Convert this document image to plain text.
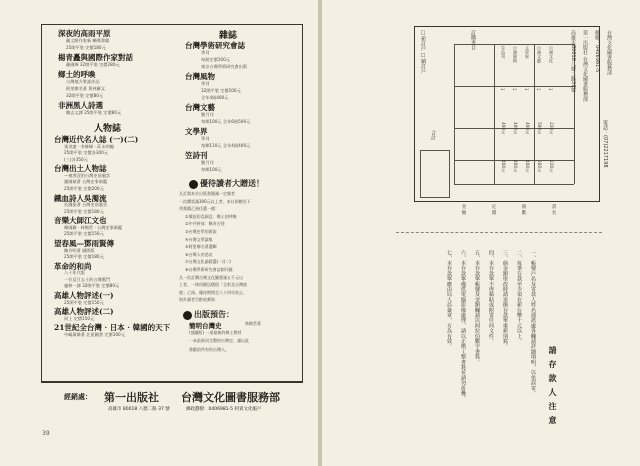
深夜的高雨平原
戴文勝作家新 輔導書籍
25開平裝 定價180元
楊青矗與國際作家對話
戴國煇 32開平裝 定價280元
鄉土的呼喚
台灣地方歌謠作品
阿里鄉名著 黃林羅文
32開平裝 定價80元
非洲黑人詩選
陳志文譯 25開平裝 定價80元
人物誌
台灣近代名人誌 (一)(二)
張炎憲 · 李筱峰 · 莊永明編
25開平裝 定價各300元
(三)各350元
台灣出土人物誌
—被埋沒的台灣史前風雲
謝國斌著 台灣史事新鑑
25開平裝 定價200元
鐵血詩人吳濁流
吳濁流著 台灣史前風雲
25開平裝 定價180元
音樂大師江文也
韓國鐄 · 林衡哲 · 台灣史事新鑑
25開平裝 定價150元
望春風—鄧雨賢傳
陳芳明著 國際版
25開平裝 定價180元
革命的和尚
八十年代版
一位反日志士的台灣奮鬥
盧修一譯 32開平裝 定價80元
高雄人物評述(一)
25開平裝 定價150元
高雄人物評述(二)
同上 定價150元
21世紀全台灣 · 日本 · 韓國的天下
中嶋嶺雄著 北星圖書 定價100元
雜誌
台灣學術研究會誌
季刊
每冊定價100元
東京台灣學術研究會出版
台灣風物
季刊
32開平裝 定價100元
全年4冊400元
台灣文藝
雙月刊
每期100元 全年6冊500元
文學界
季刊
每期110元 全年4冊400元
笠詩刊
雙月刊
每期100元
優待讀者大贈送！
凡訂閱本社出版書籍滿一定額者
一次購買滿300元以上者，本社即贈送下
列書籍乙冊任選一種：
①憤怒的亞細亞：鄉土的呼喚
②中共幹部：稀奇古怪
③台灣史學的源流
④台灣文學論集
⑤阿里鄉名著選輯
⑥台灣人的悲哀
⑦台灣文化論精選(一)(二)
⑧台灣學術研究會誌創刊號
凡一次訂購台灣文化圖書滿五千元以
上者，一律再贈送價值「全彩北台灣旅
遊」乙冊。優待期間至八十四年底止，
海外讀者另酌收郵資
出版預告：
簡明台灣史	林衡哲著
(插圖版) 一部最新的鄉土教材
一本最新而完整的台灣史，謹以此
書獻給所有的台灣人。
經銷處： 第一出版社 台灣文化圖書服務部
高雄市 80018 八德二路 37 號	郵政劃撥：0406981-5 阿貴文化帳戶
39
台灣文化圖書服務部
郵撥：0406981-5
第一出版社 台灣文化圖書服務部
高雄市80018八德二路37號
訂購書目
合計
□新訂戶 □續訂戶
電話：(07)2217198
書 名
冊 數
定 價
金 額
台灣文化
1
220元
220元
台灣文藝
1
500元
500元
文學界
1
400元
400元
台灣風物
1
400元
400元
笠詩刊
1
400元
400元
請存款人注意
一、帳號戶名及寄款人姓名通訊處各欄請詳細填明，以免誤寄。
二、每筆存款至少須在新台幣十元以上。
三、倘金額塗改時請更換存款單重新填寫。
四、本存款單不得黏貼或附寄任何文件。
五、本存款單帳號及金額欄請以阿拉伯數字書寫。
六、本存款單備供電腦影像處理，請以正楷工整書寫並請勿折疊。
七、本存款單應由局人員簽章，方為有效。
